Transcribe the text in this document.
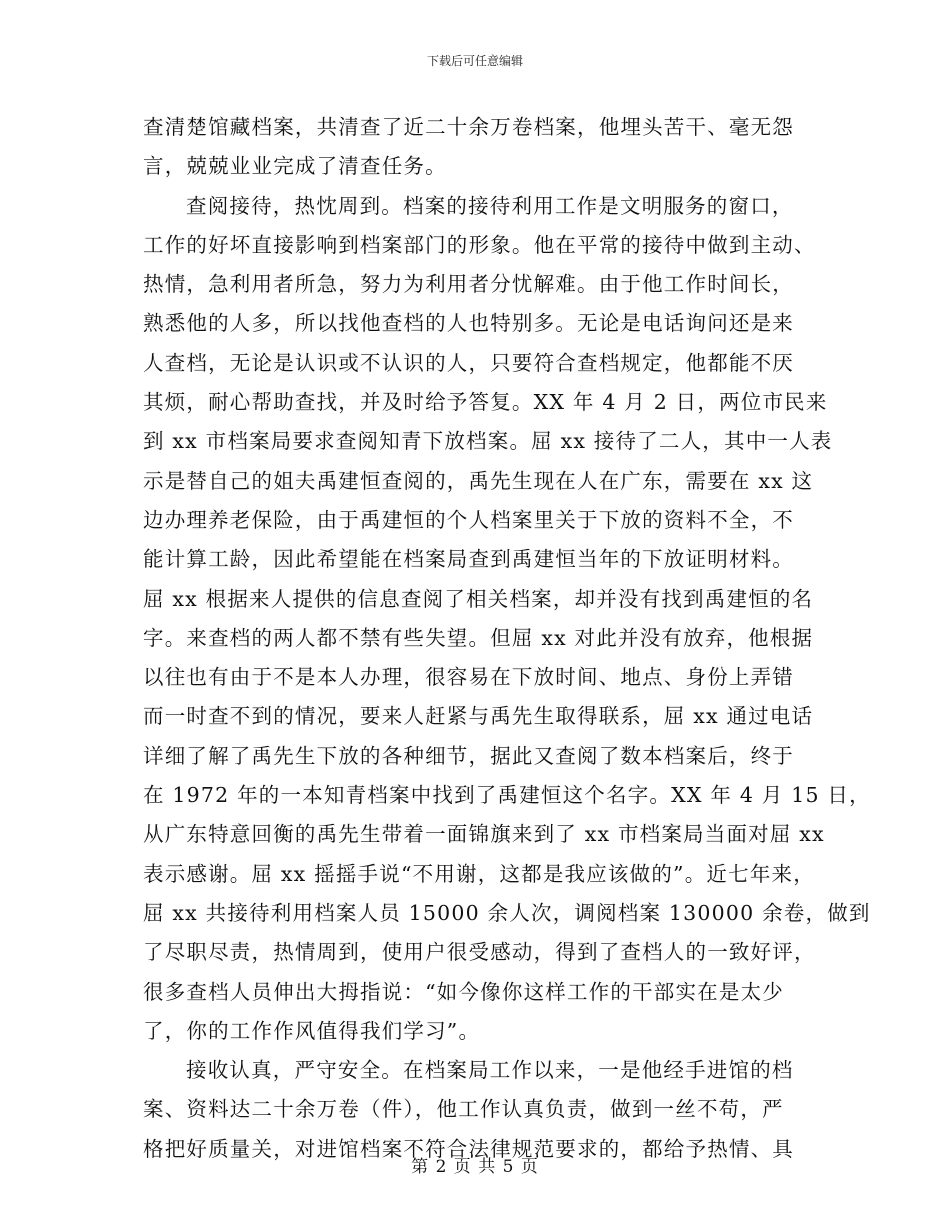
下载后可任意编辑
查清楚馆藏档案，共清查了近二十余万卷档案，他埋头苦干、毫无怨
言，兢兢业业完成了清查任务。
查阅接待，热忱周到。档案的接待利用工作是文明服务的窗口，
工作的好坏直接影响到档案部门的形象。他在平常的接待中做到主动、
热情，急利用者所急，努力为利用者分忧解难。由于他工作时间长，
熟悉他的人多，所以找他查档的人也特别多。无论是电话询问还是来
人查档，无论是认识或不认识的人，只要符合查档规定，他都能不厌
其烦，耐心帮助查找，并及时给予答复。XX 年 4 月 2 日，两位市民来
到 xx 市档案局要求查阅知青下放档案。屈 xx 接待了二人，其中一人表
示是替自己的姐夫禹建恒查阅的，禹先生现在人在广东，需要在 xx 这
边办理养老保险，由于禹建恒的个人档案里关于下放的资料不全，不
能计算工龄，因此希望能在档案局查到禹建恒当年的下放证明材料。
屈 xx 根据来人提供的信息查阅了相关档案，却并没有找到禹建恒的名
字。来查档的两人都不禁有些失望。但屈 xx 对此并没有放弃，他根据
以往也有由于不是本人办理，很容易在下放时间、地点、身份上弄错
而一时查不到的情况，要来人赶紧与禹先生取得联系，屈 xx 通过电话
详细了解了禹先生下放的各种细节，据此又查阅了数本档案后，终于
在 1972 年的一本知青档案中找到了禹建恒这个名字。XX 年 4 月 15 日，
从广东特意回衡的禹先生带着一面锦旗来到了 xx 市档案局当面对屈 xx
表示感谢。屈 xx 摇摇手说“不用谢，这都是我应该做的”。近七年来，
屈 xx 共接待利用档案人员 15000 余人次，调阅档案 130000 余卷，做到
了尽职尽责，热情周到，使用户很受感动，得到了查档人的一致好评，
很多查档人员伸出大拇指说：“如今像你这样工作的干部实在是太少
了，你的工作作风值得我们学习”。
接收认真，严守安全。在档案局工作以来，一是他经手进馆的档
案、资料达二十余万卷（件），他工作认真负责，做到一丝不苟，严
格把好质量关，对进馆档案不符合法律规范要求的，都给予热情、具
第 2 页 共 5 页
